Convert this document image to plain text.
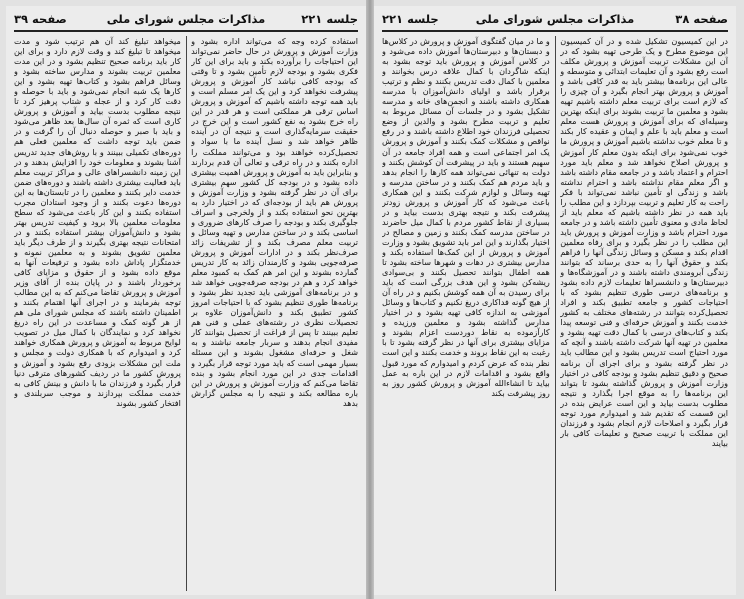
جلسه ۲۲۱
مذاکرات مجلس شورای ملی
صفحه ۳۹

استفاده کرده وجه که می‌تواند اداره بشود و وزارت آموزش و پرورش در حال حاضر نمی‌تواند این احتیاجات را برآورده بکند و باید برای این کار فکری بشود و بودجه لازم تأمین بشود و تا وقتی که بودجه کافی نباشد کار آموزش و پرورش پیشرفت نخواهد کرد و این یک امر مسلم است و باید همه توجه داشته باشیم که آموزش و پرورش اساس ترقی هر مملکتی است و هر قدر در این راه خرج بشود به نفع کشور است و این خرج در حقیقت سرمایه‌گذاری است و نتیجه آن در آینده ظاهر خواهد شد و نسل آینده ما با سواد و تحصیل‌کرده خواهند بود و می‌توانند مملکت را اداره بکنند و در راه ترقی و تعالی آن قدم بردارند و بنابراین باید به آموزش و پرورش اهمیت بیشتری داده بشود و در بودجه کل کشور سهم بیشتری برای آن در نظر گرفته بشود و وزارت آموزش و پرورش هم باید از بودجه‌ای که در اختیار دارد به بهترین نحو استفاده بکند و از ولخرجی و اسراف جلوگیری بکند و بودجه را صرف کارهای ضروری و اساسی بکند و در ساختن مدارس و تهیه وسائل و تربیت معلم مصرف بکند و از تشریفات زائد صرف‌نظر بکند و در ادارات آموزش و پرورش صرفه‌جویی بشود و کارمندان زائد به کار تدریس گمارده بشوند و این امر هم کمک به کمبود معلم خواهد کرد و هم در بودجه صرفه‌جویی خواهد شد و در برنامه‌های آموزشی باید تجدید نظر بشود و برنامه‌ها طوری تنظیم بشود که با احتیاجات امروز کشور تطبیق بکند و دانش‌آموزان علاوه بر تحصیلات نظری در رشته‌های عملی و فنی هم تعلیم ببینند تا پس از فراغت از تحصیل بتوانند کار مفیدی انجام بدهند و سربار جامعه نباشند و به شغل و حرفه‌ای مشغول بشوند و این مسئله بسیار مهمی است که باید مورد توجه قرار بگیرد و اقدامات جدی در این مورد انجام بشود و بنده تقاضا می‌کنم که وزارت آموزش و پرورش در این باره مطالعه بکند و نتیجه را به مجلس گزارش بدهد

میخواهد تبلیغ کند آن هم ترتیب شود و مدت میخواهد تا تبلیغ کند و وقت لازم دارد و برای این کار باید برنامه صحیح تنظیم بشود و در این مدت معلمین تربیت بشوند و مدارس ساخته بشود و وسائل فراهم بشود و کتاب‌ها تهیه بشود و این کارها یک شبه انجام نمی‌شود و باید با حوصله و دقت کار کرد و از عجله و شتاب پرهیز کرد تا نتیجه مطلوب بدست بیاید و آموزش و پرورش کاری است که ثمره آن سال‌ها بعد ظاهر می‌شود و باید با صبر و حوصله دنبال آن را گرفت و در ضمن باید توجه داشت که معلمین فعلی هم دوره‌های تکمیلی ببینند و با روش‌های جدید تدریس آشنا بشوند و معلومات خود را افزایش بدهند و در این زمینه دانشسراهای عالی و مراکز تربیت معلم باید فعالیت بیشتری داشته باشند و دوره‌های ضمن خدمت دایر بکنند و معلمین را در تابستان‌ها به این دوره‌ها دعوت بکنند و از وجود استادان مجرب استفاده بکنند و این کار باعث می‌شود که سطح معلومات معلمین بالا برود و کیفیت تدریس بهتر بشود و دانش‌آموزان بیشتر استفاده بکنند و در امتحانات نتیجه بهتری بگیرند و از طرف دیگر باید معلمین تشویق بشوند و به معلمین نمونه و خدمتگزار پاداش داده بشود و ترفیعات آنها به موقع داده بشود و از حقوق و مزایای کافی برخوردار باشند و در پایان بنده از آقای وزیر آموزش و پرورش تقاضا می‌کنم که به این مطالب توجه بفرمایند و در اجرای آنها اهتمام بکنند و اطمینان داشته باشند که مجلس شورای ملی هم از هر گونه کمک و مساعدت در این راه دریغ نخواهد کرد و نمایندگان با کمال میل در تصویب لوایح مربوط به آموزش و پرورش همکاری خواهند کرد و امیدوارم که با همکاری دولت و مجلس و ملت این مشکلات بزودی رفع بشود و آموزش و پرورش کشور ما در ردیف کشورهای مترقی دنیا قرار بگیرد و فرزندان ما با دانش و بینش کافی به خدمت مملکت بپردازند و موجب سربلندی و افتخار کشور بشوند

صفحه ۳۸
مذاکرات مجلس شورای ملی
جلسه ۲۲۱

در این کمیسیون تشکیل شده و در آن کمیسیون این موضوع مطرح و یک طرحی تهیه بشود که در آن این مشکلات تربیت آموزش و پرورش مکلف است رفع بشود و آن تعلیمات ابتدائی و متوسطه و عالی این برنامه‌ها بیشتر باید به قدر کافی باشد و آموزش و پرورش بهتر انجام بگیرد و آن چیزی را که لازم است برای تربیت معلم داشته باشیم تهیه بشود و معلمین ما تربیت بشوند برای اینکه بهترین وسیله‌ای که برای آموزش و پرورش هست معلم است و معلم باید با علم و ایمان و عقیده کار بکند و تا معلم خوب نداشته باشیم آموزش و پرورش ما خوب نمی‌شود برای اینکه بدون معلم کار آموزش و پرورش اصلاح نخواهد شد و معلم باید مورد احترام و اعتماد باشد و در جامعه مقام داشته باشد و اگر معلم مقام نداشته باشد و احترام نداشته باشد و زندگی او تأمین نباشد نمی‌تواند با فکر راحت به کار تعلیم و تربیت بپردازد و این مطلب را باید همه در نظر داشته باشیم که معلم باید از لحاظ مادی و معنوی تأمین داشته باشد و در جامعه مورد احترام باشد و وزارت آموزش و پرورش باید این مطلب را در نظر بگیرد و برای رفاه معلمین اقدام بکند و مسکن و وسائل زندگی آنها را فراهم بکند و حقوق آنها را به حدی برساند که بتوانند زندگی آبرومندی داشته باشند و در آموزشگاه‌ها و دبیرستان‌ها و دانشسراها تعلیمات لازم داده بشود و برنامه‌های درسی طوری تنظیم بشود که با احتیاجات کشور و جامعه تطبیق بکند و افراد تحصیل‌کرده بتوانند در رشته‌های مختلف به کشور خدمت بکنند و آموزش حرفه‌ای و فنی توسعه پیدا بکند و کتاب‌های درسی با کمال دقت تهیه بشود و معلمین در تهیه آنها شرکت داشته باشند و آنچه که مورد احتیاج است تدریس بشود و این مطالب باید در نظر گرفته بشود و برای اجرای آن برنامه صحیح و دقیق تنظیم بشود و بودجه کافی در اختیار وزارت آموزش و پرورش گذاشته بشود تا بتواند این برنامه‌ها را به موقع اجرا بگذارد و نتیجه مطلوب بدست بیاید و این است عرایض بنده در این قسمت که تقدیم شد و امیدوارم مورد توجه قرار بگیرد و اصلاحات لازم انجام بشود و فرزندان این مملکت با تربیت صحیح و تعلیمات کافی بار بیایند

و ما در میان گفتگوی آموزش و پرورش در کلاس‌ها و دبستان‌ها و دبیرستان‌ها آموزش داده می‌شود و در کلاس آموزش و پرورش باید توجه بشود به اینکه شاگردان با کمال علاقه درس بخوانند و معلمین با کمال دقت تدریس بکنند و نظم و ترتیب برقرار باشد و اولیای دانش‌آموزان با مدرسه همکاری داشته باشند و انجمن‌های خانه و مدرسه تشکیل بشود و در جلسات آن مسائل مربوط به تعلیم و تربیت مطرح بشود و والدین از وضع تحصیلی فرزندان خود اطلاع داشته باشند و در رفع نواقص و مشکلات کمک بکنند و آموزش و پرورش یک امر اجتماعی است و همه افراد جامعه در آن سهیم هستند و باید در پیشرفت آن کوشش بکنند و دولت به تنهائی نمی‌تواند همه کارها را انجام بدهد و باید مردم هم کمک بکنند و در ساختن مدرسه و تهیه وسائل و لوازم شرکت بکنند و این همکاری باعث می‌شود که کار آموزش و پرورش زودتر پیشرفت بکند و نتیجه بهتری بدست بیاید و در بسیاری از نقاط کشور مردم با کمال میل حاضرند در ساختن مدرسه کمک بکنند و زمین و مصالح در اختیار بگذارند و این امر باید تشویق بشود و وزارت آموزش و پرورش از این کمک‌ها استفاده بکند و مدارس بیشتری در دهات و شهرها ساخته بشود تا همه اطفال بتوانند تحصیل بکنند و بی‌سوادی ریشه‌کن بشود و این هدف بزرگی است که باید برای رسیدن به آن همه کوشش بکنیم و در راه آن از هیچ گونه فداکاری دریغ نکنیم و کتاب‌ها و وسائل آموزشی به اندازه کافی تهیه بشود و در اختیار مدارس گذاشته بشود و معلمین ورزیده و کارآزموده به نقاط دوردست اعزام بشوند و مزایای بیشتری برای آنها در نظر گرفته بشود تا با رغبت به این نقاط بروند و خدمت بکنند و این است نظر بنده که عرض کردم و امیدوارم که مورد قبول واقع بشود و اقدامات لازم در این باره به عمل بیاید تا انشاءالله آموزش و پرورش کشور روز به روز پیشرفت بکند
